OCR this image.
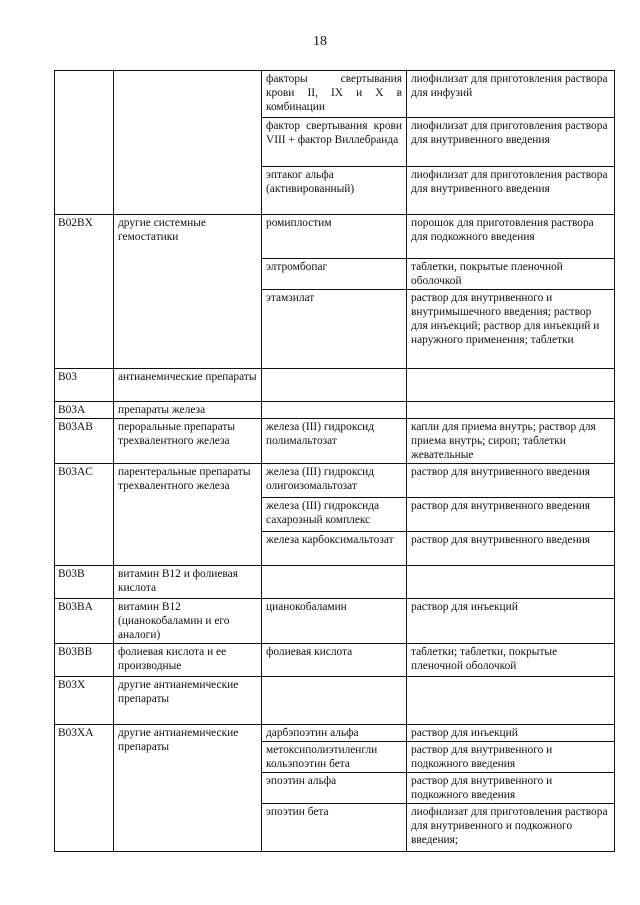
18
		факторы свертывания крови II, IX и X в комбинации	лиофилизат для приготовления раствора для инфузий
		фактор свертывания крови VIII + фактор Виллебранда	лиофилизат для приготовления раствора для внутривенного введения
		эптаког альфа (активированный)	лиофилизат для приготовления раствора для внутривенного введения
B02BX	другие системные гемостатики	ромиплостим	порошок для приготовления раствора для подкожного введения
		элтромбопаг	таблетки, покрытые пленочной оболочкой
		этамзилат	раствор для внутривенного и внутримышечного введения; раствор для инъекций; раствор для инъекций и наружного применения; таблетки
B03	антианемические препараты		
B03A	препараты железа		
B03AB	пероральные препараты трехвалентного железа	железа (III) гидроксид полимальтозат	капли для приема внутрь; раствор для приема внутрь; сироп; таблетки жевательные
B03AC	парентеральные препараты трехвалентного железа	железа (III) гидроксид олигоизомальтозат	раствор для внутривенного введения
		железа (III) гидроксида сахарозный комплекс	раствор для внутривенного введения
		железа карбоксимальтозат	раствор для внутривенного введения
B03B	витамин B12 и фолиевая кислота		
B03BA	витамин B12 (цианокобаламин и его аналоги)	цианокобаламин	раствор для инъекций
B03BB	фолиевая кислота и ее производные	фолиевая кислота	таблетки; таблетки, покрытые пленочной оболочкой
B03X	другие антианемические препараты		
B03XA	другие антианемические препараты	дарбэпоэтин альфа	раствор для инъекций
		метоксиполиэтиленгли кольэпоэтин бета	раствор для внутривенного и подкожного введения
		эпоэтин альфа	раствор для внутривенного и подкожного введения
		эпоэтин бета	лиофилизат для приготовления раствора для внутривенного и подкожного введения;
